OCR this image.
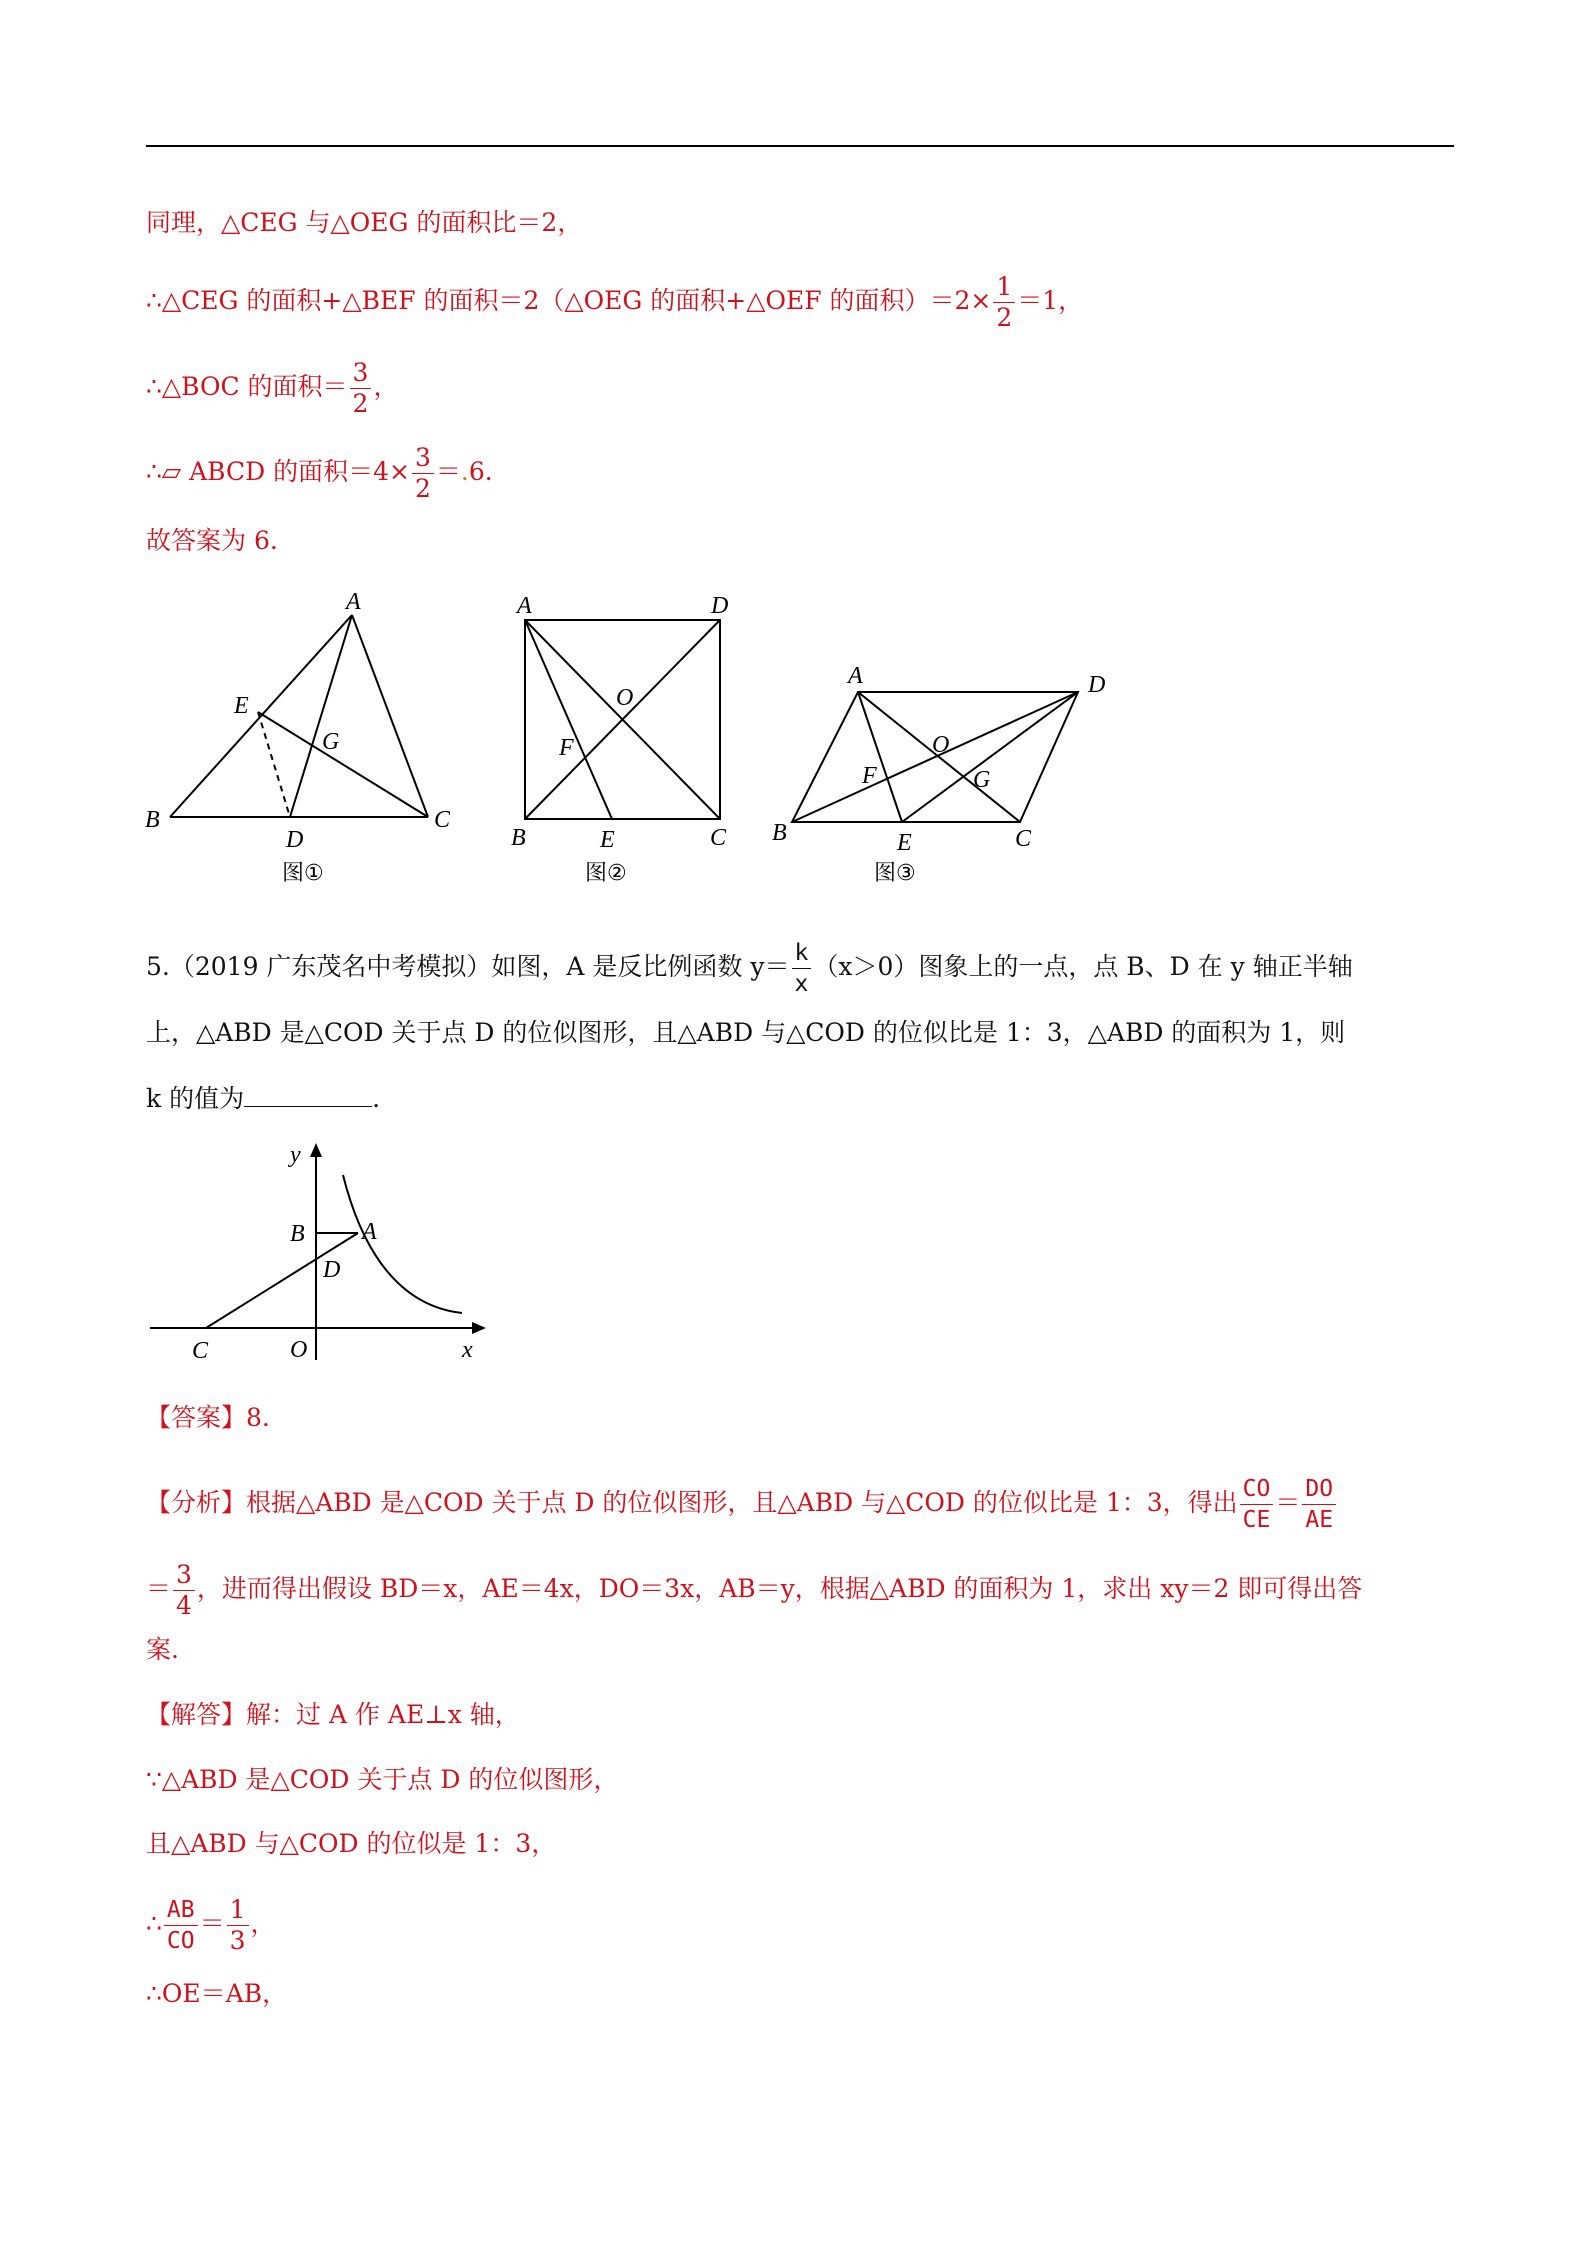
同理，△CEG 与△OEG 的面积比＝2，
∴△CEG 的面积+△BEF 的面积＝2（△OEG 的面积+△OEF 的面积）$=2\times \frac{1}{2} =1$，
∴△BOC 的面积＝ $\frac{3}{2}$ ，
∴▱ ABCD 的面积$=4\times \frac{3}{2} =.6$.
故答案为 6.
A
B	C
D
E
G
图①
A	D
B	C
E
F
O
图②
A	D
B	C
E
F
O
G
图③
5.（2019 广东茂名中考模拟）如图，A 是反比例函数 $y= \frac{k}{x} (x>0)$图象上的一点，点 B、D 在 y 轴正半轴
上，△ABD 是△COD 关于点 D 的位似图形，且△ABD 与△COD 的位似比是 1：3，△ABD 的面积为 1，则
k 的值为	.
y
x
A
B
D
C	O
【答案】8.
【分析】根据△ABD 是△COD 关于点 D 的位似图形，且△ABD 与△COD 的位似比是 1：3，得出 $\frac{CO}{CE} = \frac{DO}{AE}$
＝ $\frac{3}{4}$ ，进而得出假设 BD＝x，AE＝4x，DO＝3x，AB＝y，根据△ABD 的面积为 1，求出 xy＝2 即可得出答
案.
【解答】解：过 A 作 AE⊥x 轴，
∵△ABD 是△COD 关于点 D 的位似图形，
且△ABD 与△COD 的位似是 1：3，
∴ $\frac{AB}{CO} = \frac{1}{3}$ ，
∴OE＝AB，
